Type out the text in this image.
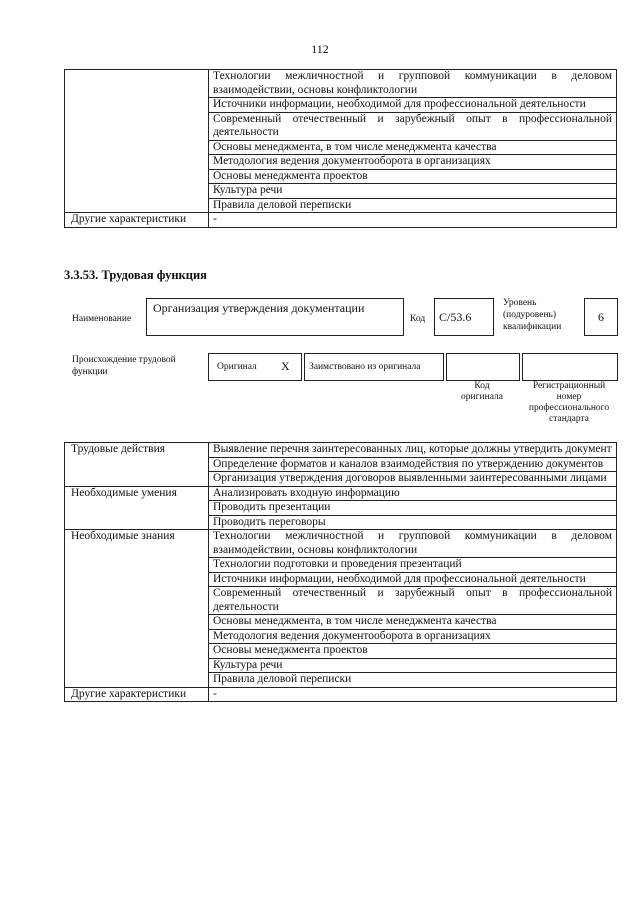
112
	Технологии межличностной и групповой коммуникации в деловом взаимодействии, основы конфликтологии
	Источники информации, необходимой для профессиональной деятельности
	Современный отечественный и зарубежный опыт в профессиональной деятельности
	Основы менеджмента, в том числе менеджмента качества
	Методология ведения документооборота в организациях
	Основы менеджмента проектов
	Культура речи
	Правила деловой переписки
Другие характеристики	-
3.3.53. Трудовая функция
Наименование
Организация утверждения документации
Код	C/53.6
Уровень
(подуровень)
квалификации
6
Происхождение трудовой
функции	Оригинал X Заимствовано из оригинала
Код
оригинала
Регистрационный
номер
профессионального
стандарта
Трудовые действия	Выявление перечня заинтересованных лиц, которые должны утвердить документ
	Определение форматов и каналов взаимодействия по утверждению документов
	Организация утверждения договоров выявленными заинтересованными лицами
Необходимые умения	Анализировать входную информацию
	Проводить презентации
	Проводить переговоры
Необходимые знания	Технологии межличностной и групповой коммуникации в деловом взаимодействии, основы конфликтологии
	Технологии подготовки и проведения презентаций
	Источники информации, необходимой для профессиональной деятельности
	Современный отечественный и зарубежный опыт в профессиональной деятельности
	Основы менеджмента, в том числе менеджмента качества
	Методология ведения документооборота в организациях
	Основы менеджмента проектов
	Культура речи
	Правила деловой переписки
Другие характеристики	-
